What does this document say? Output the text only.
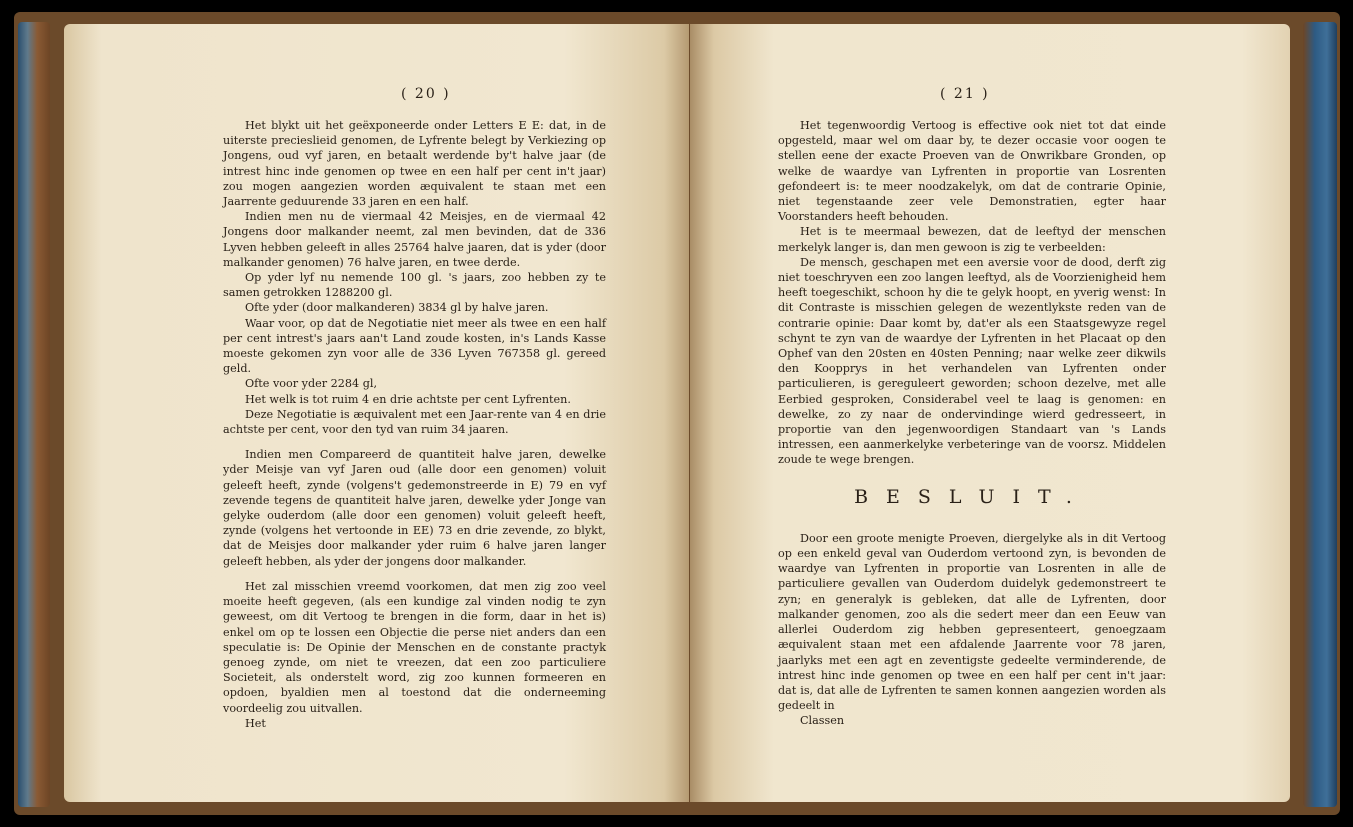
( 20 )

Het blykt uit het geëxponeerde onder Letters E E: dat, in de uiterste precieslieid genomen, de Lyfrente belegt by Verkiezing op Jongens, oud vyf jaren, en betaalt werdende by't halve jaar (de intrest hinc inde genomen op twee en een half per cent in't jaar) zou mogen aangezien worden æquivalent te staan met een Jaarrente geduurende 33 jaren en een half.

Indien men nu de viermaal 42 Meisjes, en de viermaal 42 Jongens door malkander neemt, zal men bevinden, dat de 336 Lyven hebben geleeft in alles 25764 halve jaaren, dat is yder (door malkander genomen) 76 halve jaren, en twee derde.

Op yder lyf nu nemende 100 gl. 's jaars, zoo hebben zy te samen getrokken 1288200 gl.

Ofte yder (door malkanderen) 3834 gl by halve jaren.

Waar voor, op dat de Negotiatie niet meer als twee en een half per cent intrest's jaars aan't Land zoude kosten, in's Lands Kasse moeste gekomen zyn voor alle de 336 Lyven 767358 gl. gereed geld.

Ofte voor yder 2284 gl,

Het welk is tot ruim 4 en drie achtste per cent Lyfrenten.

Deze Negotiatie is æquivalent met een Jaar-rente van 4 en drie achtste per cent, voor den tyd van ruim 34 jaaren.

Indien men Compareerd de quantiteit halve jaren, dewelke yder Meisje van vyf Jaren oud (alle door een genomen) voluit geleeft heeft, zynde (volgens't gedemonstreerde in E) 79 en vyf zevende tegens de quantiteit halve jaren, dewelke yder Jonge van gelyke ouderdom (alle door een genomen) voluit geleeft heeft, zynde (volgens het vertoonde in EE) 73 en drie zevende, zo blykt, dat de Meisjes door malkander yder ruim 6 halve jaren langer geleeft hebben, als yder der jongens door malkander.

Het zal misschien vreemd voorkomen, dat men zig zoo veel moeite heeft gegeven, (als een kundige zal vinden nodig te zyn geweest, om dit Vertoog te brengen in die form, daar in het is) enkel om op te lossen een Objectie die perse niet anders dan een speculatie is: De Opinie der Menschen en de constante practyk genoeg zynde, om niet te vreezen, dat een zoo particuliere Societeit, als onderstelt word, zig zoo kunnen formeeren en opdoen, byaldien men al toestond dat die onderneeming voordeelig zou uitvallen.

Het

( 21 )

Het tegenwoordig Vertoog is effective ook niet tot dat einde opgesteld, maar wel om daar by, te dezer occasie voor oogen te stellen eene der exacte Proeven van de Onwrikbare Gronden, op welke de waardye van Lyfrenten in proportie van Losrenten gefondeert is: te meer noodzakelyk, om dat de contrarie Opinie, niet tegenstaande zeer vele Demonstratien, egter haar Voorstanders heeft behouden.

Het is te meermaal bewezen, dat de leeftyd der menschen merkelyk langer is, dan men gewoon is zig te verbeelden:

De mensch, geschapen met een aversie voor de dood, derft zig niet toeschryven een zoo langen leeftyd, als de Voorzienigheid hem heeft toegeschikt, schoon hy die te gelyk hoopt, en yverig wenst: In dit Contraste is misschien gelegen de wezentlykste reden van de contrarie opinie: Daar komt by, dat'er als een Staatsgewyze regel schynt te zyn van de waardye der Lyfrenten in het Placaat op den Ophef van den 20sten en 40sten Penning; naar welke zeer dikwils den Koopprys in het verhandelen van Lyfrenten onder particulieren, is gereguleert geworden; schoon dezelve, met alle Eerbied gesproken, Considerabel veel te laag is genomen: en dewelke, zo zy naar de ondervindinge wierd gedresseert, in proportie van den jegenwoordigen Standaart van 's Lands intressen, een aanmerkelyke verbeteringe van de voorsz. Middelen zoude te wege brengen.

BESLUIT.

Door een groote menigte Proeven, diergelyke als in dit Vertoog op een enkeld geval van Ouderdom vertoond zyn, is bevonden de waardye van Lyfrenten in proportie van Losrenten in alle de particuliere gevallen van Ouderdom duidelyk gedemonstreert te zyn; en generalyk is gebleken, dat alle de Lyfrenten, door malkander genomen, zoo als die sedert meer dan een Eeuw van allerlei Ouderdom zig hebben gepresenteert, genoegzaam æquivalent staan met een afdalende Jaarrente voor 78 jaren, jaarlyks met een agt en zeventigste gedeelte verminderende, de intrest hinc inde genomen op twee en een half per cent in't jaar: dat is, dat alle de Lyfrenten te samen konnen aangezien worden als gedeelt in

Classen
